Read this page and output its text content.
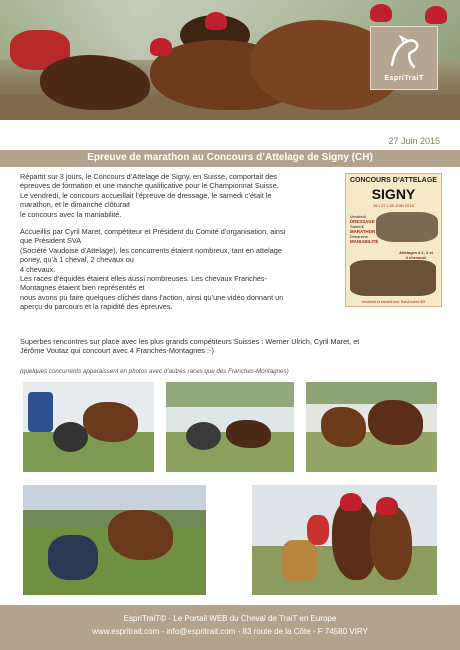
EspriTraiT
27 Juin 2015
Epreuve de marathon au Concours d’Attelage de Signy (CH)

Répartit sur 3 jours, le Concours d’Attelage de Signy, en Suisse, comportait des
épreuves de formation et une manche qualificative pour le Championnat Suisse.
Le vendredi, le concours accueillait l’épreuve de dressage, le samedi c’était le
marathon, et le dimanche clôturait
le concours avec la maniabilité.

Accueillis par Cyril Maret, compétiteur et Président du Comité d’organisation, ainsi
que Président SVA
(Société Vaudoise d’Attelage), les concurrents étaient nombreux, tant en attelage
poney, qu’à 1 cheval, 2 chevaux ou
4 chevaux.
Les races d’équidés étaient elles aussi nombreuses. Les chevaux Franches-
Montagnes étaient bien représentés et
nous avons pu faire quelques clichés dans l’action, ainsi qu’une vidéo donnant un
aperçu du parcours et la rapidité des épreuves.

CONCOURS D’ATTELAGE
SIGNY
26 • 27 • 28 JUIN 2015
Vendredi
DRESSAGE
Samedi
MARATHON
Dimanche
MANIABILITÉ
Attelages à 1, 2 et 4 chevaux!
Vendredi et samedi soir: Bal Années 80!
Superbes rencontres sur place avec les plus grands compétiteurs Suisses : Werner Ulrich, Cyril Maret, et
Jérôme Voutaz qui concourt avec 4 Franches-Montagnes :-)
(quelques concurrents apparaissent en photos avec d’autres races que des Franches-Montagnes)
EspriTraiT© - Le Portail WEB du Cheval de TraiT en Europe
www.espritrait.com - info@espritrait.com - 83 route de la Côte - F 74580 VIRY
